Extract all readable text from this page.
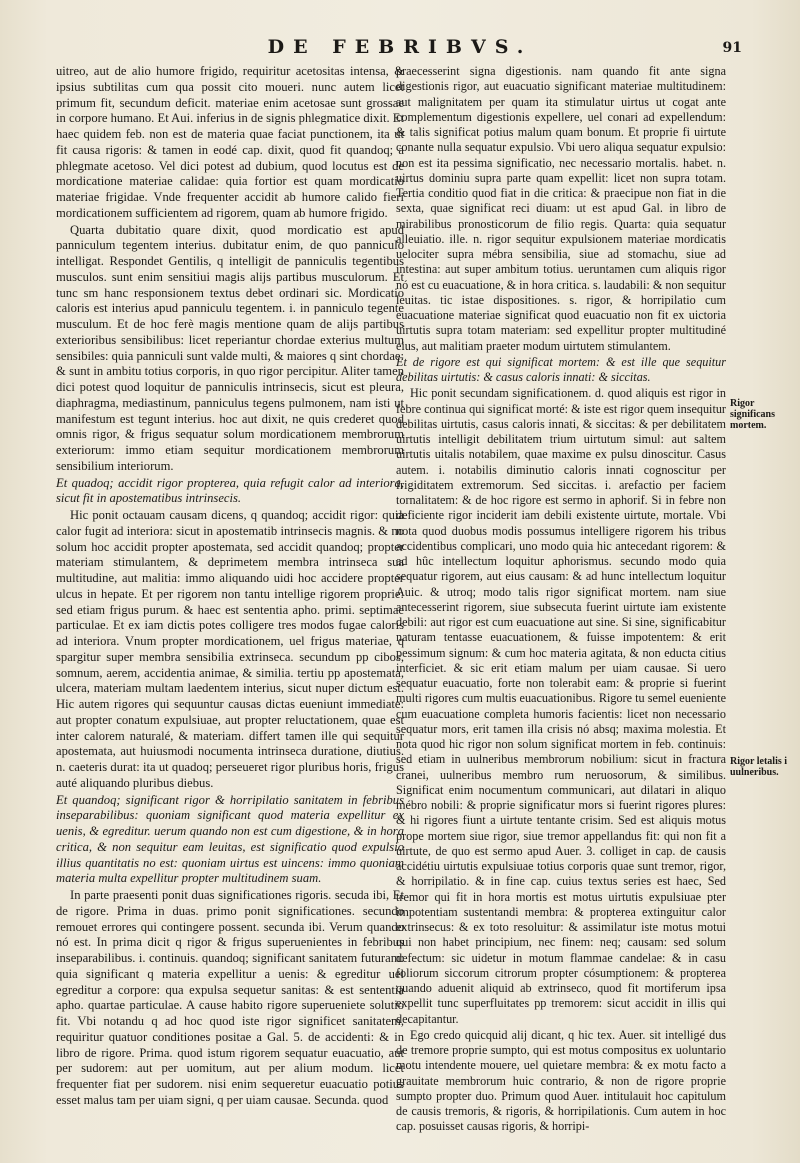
DE FEBRIBVS.	91

uitreo, aut de alio humore frigido, requiritur acetositas intensa, & ipsius subtilitas cum qua possit cito moueri. nunc autem licet primum fit, secundum deficit. materiae enim acetosae sunt grossae in corpore humano. Et Aui. inferius in de signis phlegmatice dixit. Et haec quidem feb. non est de materia quae faciat punctionem, ita ut fit causa rigoris: & tamen in eodé cap. dixit, quod fit quandoq; a phlegmate acetoso. Vel dici potest ad dubium, quod locutus est de mordicatione materiae calidae: quia fortior est quam mordicatio materiae frigidae. Vnde frequenter accidit ab humore calido fieri mordicationem sufficientem ad rigorem, quam ab humore frigido.

Quarta dubitatio quare dixit, quod mordicatio est apud panniculum tegentem interius. dubitatur enim, de quo panniculo intelligat. Respondet Gentilis, q intelligit de panniculis tegentibus musculos. sunt enim sensitiui magis alijs partibus musculorum. Et tunc sm hanc responsionem textus debet ordinari sic. Mordicatio caloris est interius apud panniculu tegentem. i. in panniculo tegente musculum. Et de hoc ferè magis mentione quam de alijs partibus exterioribus sensibilibus: licet reperiantur chordae exterius multum sensibiles: quia panniculi sunt valde multi, & maiores q sint chordae: & sunt in ambitu totius corporis, in quo rigor percipitur. Aliter tamen dici potest quod loquitur de panniculis intrinsecis, sicut est pleura, diaphragma, mediastinum, panniculus tegens pulmonem, nam isti ut manifestum est tegunt interius. hoc aut dixit, ne quis crederet quod omnis rigor, & frigus sequatur solum mordicationem membrorum exteriorum: immo etiam sequitur mordicationem membrorum sensibilium interiorum.

Et quadoq; accidit rigor propterea, quia refugit calor ad interiora, sicut fit in apostematibus intrinsecis.

Hic ponit octauam causam dicens, q quandoq; accidit rigor: quia calor fugit ad interiora: sicut in apostematib intrinsecis magnis. & no solum hoc accidit propter apostemata, sed accidit quandoq; propter materiam stimulantem, & deprimetem membra intrinseca sua multitudine, aut malitia: immo aliquando uidi hoc accidere propter ulcus in hepate. Et per rigorem non tantu intellige rigorem proprie: sed etiam frigus purum. & haec est sententia apho. primi. septimae particulae. Et ex iam dictis potes colligere tres modos fugae caloris ad interiora. Vnum propter mordicationem, uel frigus materiae, q spargitur super membra sensibilia extrinseca. secundum pp cibos, somnum, aerem, accidentia animae, & similia. tertiu pp apostemata, ulcera, materiam multam laedentem interius, sicut nuper dictum est. Hic autem rigores qui sequuntur causas dictas eueniunt immediate: aut propter conatum expulsiuae, aut propter reluctationem, quae est inter calorem naturalé, & materiam. differt tamen ille qui sequitur apostemata, aut huiusmodi nocumenta intrinseca duratione, diutius. n. caeteris durat: ita ut quadoq; perseueret rigor pluribus horis, frigus auté aliquando pluribus diebus.

Et quandoq; significant rigor & horripilatio sanitatem in febribus inseparabilibus: quoniam significant quod materia expellitur ex uenis, & egreditur. uerum quando non est cum digestione, & in hora critica, & non sequitur eam leuitas, est significatio quod expulsio illius quantitatis no est: quoniam uirtus est uincens: immo quoniam materia multa expellitur propter multitudinem suam.

In parte praesenti ponit duas significationes rigoris. secuda ibi, Et de rigore. Prima in duas. primo ponit significationes. secundo remouet errores qui contingere possent. secunda ibi. Verum quando nó est. In prima dicit q rigor & frigus superuenientes in febribus inseparabilibus. i. continuis. quandoq; significant sanitatem futuram: quia significant q materia expellitur a uenis: & egreditur uel egreditur a corpore: qua expulsa sequetur sanitas: & est sententia apho. quartae particulae. A cause habito rigore superueniete solutio fit. Vbi notandu q ad hoc quod iste rigor significet sanitatem, requiritur quatuor conditiones positae a Gal. 5. de accidenti: & in libro de rigore. Prima. quod istum rigorem sequatur euacuatio, aut per sudorem: aut per uomitum, aut per alium modum. licet frequenter fiat per sudorem. nisi enim sequeretur euacuatio potius esset malus tam per uiam signi, q per uiam causae. Secunda. quod

praecesserint signa digestionis. nam quando fit ante signa digestionis rigor, aut euacuatio significant materiae multitudinem: aut malignitatem per quam ita stimulatur uirtus ut cogat ante complementum digestionis expellere, uel conari ad expellendum: & talis significat potius malum quam bonum. Et proprie fi uirtute conante nulla sequatur expulsio. Vbi uero aliqua sequatur expulsio: non est ita pessima significatio, nec necessario mortalis. habet. n. uirtus dominiu supra parte quam expellit: licet non supra totam. Tertia conditio quod fiat in die critica: & praecipue non fiat in die sexta, quae significat reci diuam: ut est apud Gal. in libro de mirabilibus pronosticorum de filio regis. Quarta: quia sequatur alleuiatio. ille. n. rigor sequitur expulsionem materiae mordicatis uelociter supra mébra sensibilia, siue ad stomachu, siue ad intestina: aut super ambitum totius. ueruntamen cum aliquis rigor nó est cu euacuatione, & in hora critica. s. laudabili: & non sequitur leuitas. tic istae dispositiones. s. rigor, & horripilatio cum euacuatione materiae significat quod euacuatio non fit ex uictoria uirtutis supra totam materiam: sed expellitur propter multitudiné eius, aut malitiam praeter modum uirtutem stimulantem.

Et de rigore est qui significat mortem: & est ille que sequitur debilitas uirtutis: & casus caloris innati: & siccitas.

Hic ponit secundam significationem. d. quod aliquis est rigor in febre continua qui significat morté: & iste est rigor quem insequitur debilitas uirtutis, casus caloris innati, & siccitas: & per debilitatem uirtutis intelligit debilitatem trium uirtutum simul: aut saltem uirtutis uitalis notabilem, quae maxime ex pulsu dinoscitur. Casus autem. i. notabilis diminutio caloris innati cognoscitur per frigiditatem extremorum. Sed siccitas. i. arefactio per faciem tornalitatem: & de hoc rigore est sermo in aphorif. Si in febre non deficiente rigor inciderit iam debili existente uirtute, mortale. Vbi nota quod duobus modis possumus intelligere rigorem his tribus accidentibus complicari, uno modo quia hic antecedant rigorem: & ad hûc intellectum loquitur aphorismus. secundo modo quia sequatur rigorem, aut eius causam: & ad hunc intellectum loquitur Auic. & utroq; modo talis rigor significat mortem. nam siue antecesserint rigorem, siue subsecuta fuerint uirtute iam existente debili: aut rigor est cum euacuatione aut sine. Si sine, significabitur naturam tentasse euacuationem, & fuisse impotentem: & erit pessimum signum: & cum hoc materia agitata, & non educta citius interficiet. & sic erit etiam malum per uiam causae. Si uero sequatur euacuatio, forte non tolerabit eam: & proprie si fuerint multi rigores cum multis euacuationibus. Rigore tu semel eueniente cum euacuatione completa humoris facientis: licet non necessario sequatur mors, erit tamen illa crisis nó absq; maxima molestia. Et nota quod hic rigor non solum significat mortem in feb. continuis: sed etiam in uulneribus membrorum nobilium: sicut in fractura cranei, uulneribus membro rum neruosorum, & similibus. Significat enim nocumentum communicari, aut dilatari in aliquo mébro nobili: & proprie significatur mors si fuerint rigores plures: & hi rigores fiunt a uirtute tentante crisim. Sed est aliquis motus prope mortem siue rigor, siue tremor appellandus fit: qui non fit a uirtute, de quo est sermo apud Auer. 3. colliget in cap. de causis accidétiu uirtutis expulsiuae totius corporis quae sunt tremor, rigor, & horripilatio. & in fine cap. cuius textus series est haec, Sed tremor qui fit in hora mortis est motus uirtutis expulsiuae pter impotentiam sustentandi membra: & propterea extinguitur calor extrinsecus: & ex toto resoluitur: & assimilatur iste motus motui qui non habet principium, nec finem: neq; causam: sed solum defectum: sic uidetur in motum flammae candelae: & in casu foliorum siccorum citrorum propter cósumptionem: & propterea quando aduenit aliquid ab extrinseco, quod fit mortiferum ipsa expellit tunc superfluitates pp tremorem: sicut accidit in illis qui decapitantur.

Ego credo quicquid alij dicant, q hic tex. Auer. sit intelligé dus de tremore proprie sumpto, qui est motus compositus ex uoluntario motu intendente mouere, uel quietare membra: & ex motu facto a grauitate membrorum huic contrario, & non de rigore proprie sumpto propter duo. Primum quod Auer. intitulauit hoc capitulum de causis tremoris, & rigoris, & horripilationis. Cum autem in hoc cap. posuisset causas rigoris, & horripi-

Rigor significans mortem.
Rigor letalis i uulneribus.
